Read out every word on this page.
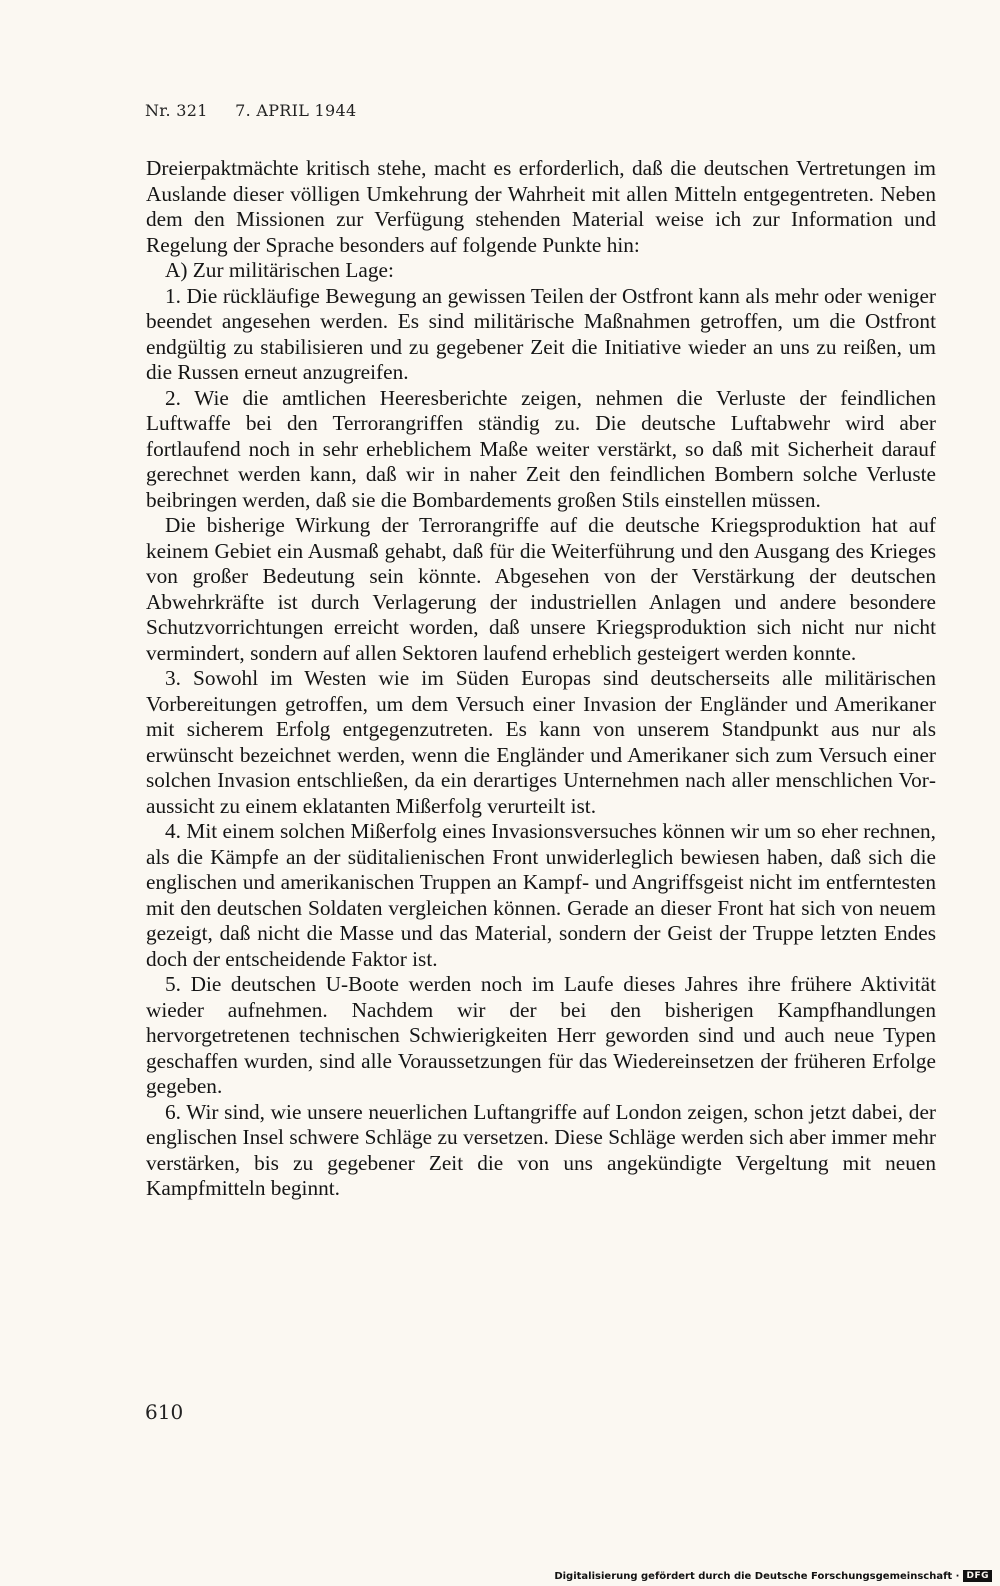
Nr. 321 7. APRIL 1944

Dreierpaktmächte kritisch stehe, macht es erforderlich, daß die deutschen Vertretungen im Auslande dieser völligen Umkehrung der Wahrheit mit allen Mitteln entgegentreten. Neben dem den Missionen zur Verfügung stehenden Material weise ich zur Information und Regelung der Sprache besonders auf folgende Punkte hin:

A) Zur militärischen Lage:

1. Die rückläufige Bewegung an gewissen Teilen der Ostfront kann als mehr oder weniger beendet angesehen werden. Es sind militärische Maßnahmen getroffen, um die Ostfront endgültig zu stabilisieren und zu gegebener Zeit die Initiative wieder an uns zu reißen, um die Russen erneut anzugreifen.

2. Wie die amtlichen Heeresberichte zeigen, nehmen die Verluste der feindlichen Luftwaffe bei den Terrorangriffen ständig zu. Die deutsche Luftabwehr wird aber fortlaufend noch in sehr erheblichem Maße weiter verstärkt, so daß mit Sicherheit darauf gerechnet werden kann, daß wir in naher Zeit den feindlichen Bombern solche Verluste beibringen werden, daß sie die Bombardements großen Stils einstellen müssen.

Die bisherige Wirkung der Terrorangriffe auf die deutsche Kriegsproduktion hat auf keinem Gebiet ein Ausmaß gehabt, daß für die Weiterführung und den Ausgang des Krieges von großer Bedeutung sein könnte. Abgesehen von der Verstärkung der deutschen Abwehrkräfte ist durch Verlagerung der industriellen Anlagen und andere besondere Schutzvorrichtungen erreicht worden, daß unsere Kriegsproduktion sich nicht nur nicht vermindert, sondern auf allen Sektoren laufend erheblich gesteigert werden konnte.

3. Sowohl im Westen wie im Süden Europas sind deutscherseits alle militärischen Vorbereitungen getroffen, um dem Versuch einer Invasion der Engländer und Amerikaner mit sicherem Erfolg entgegenzutreten. Es kann von unserem Standpunkt aus nur als erwünscht bezeichnet werden, wenn die Engländer und Amerikaner sich zum Versuch einer solchen Invasion entschließen, da ein derartiges Unternehmen nach aller menschlichen Voraussicht zu einem eklatanten Mißerfolg verurteilt ist.

4. Mit einem solchen Mißerfolg eines Invasionsversuches können wir um so eher rechnen, als die Kämpfe an der süditalienischen Front unwiderleglich bewiesen haben, daß sich die englischen und amerikanischen Truppen an Kampf- und Angriffsgeist nicht im entferntesten mit den deutschen Soldaten vergleichen können. Gerade an dieser Front hat sich von neuem gezeigt, daß nicht die Masse und das Material, sondern der Geist der Truppe letzten Endes doch der entscheidende Faktor ist.

5. Die deutschen U-Boote werden noch im Laufe dieses Jahres ihre frühere Aktivität wieder aufnehmen. Nachdem wir der bei den bisherigen Kampfhandlungen hervorgetretenen technischen Schwierigkeiten Herr geworden sind und auch neue Typen geschaffen wurden, sind alle Voraussetzungen für das Wiedereinsetzen der früheren Erfolge gegeben.

6. Wir sind, wie unsere neuerlichen Luftangriffe auf London zeigen, schon jetzt dabei, der englischen Insel schwere Schläge zu versetzen. Diese Schläge werden sich aber immer mehr verstärken, bis zu gegebener Zeit die von uns angekündigte Vergeltung mit neuen Kampfmitteln beginnt.

610
Digitalisierung gefördert durch die Deutsche Forschungsgemeinschaft · DFG
